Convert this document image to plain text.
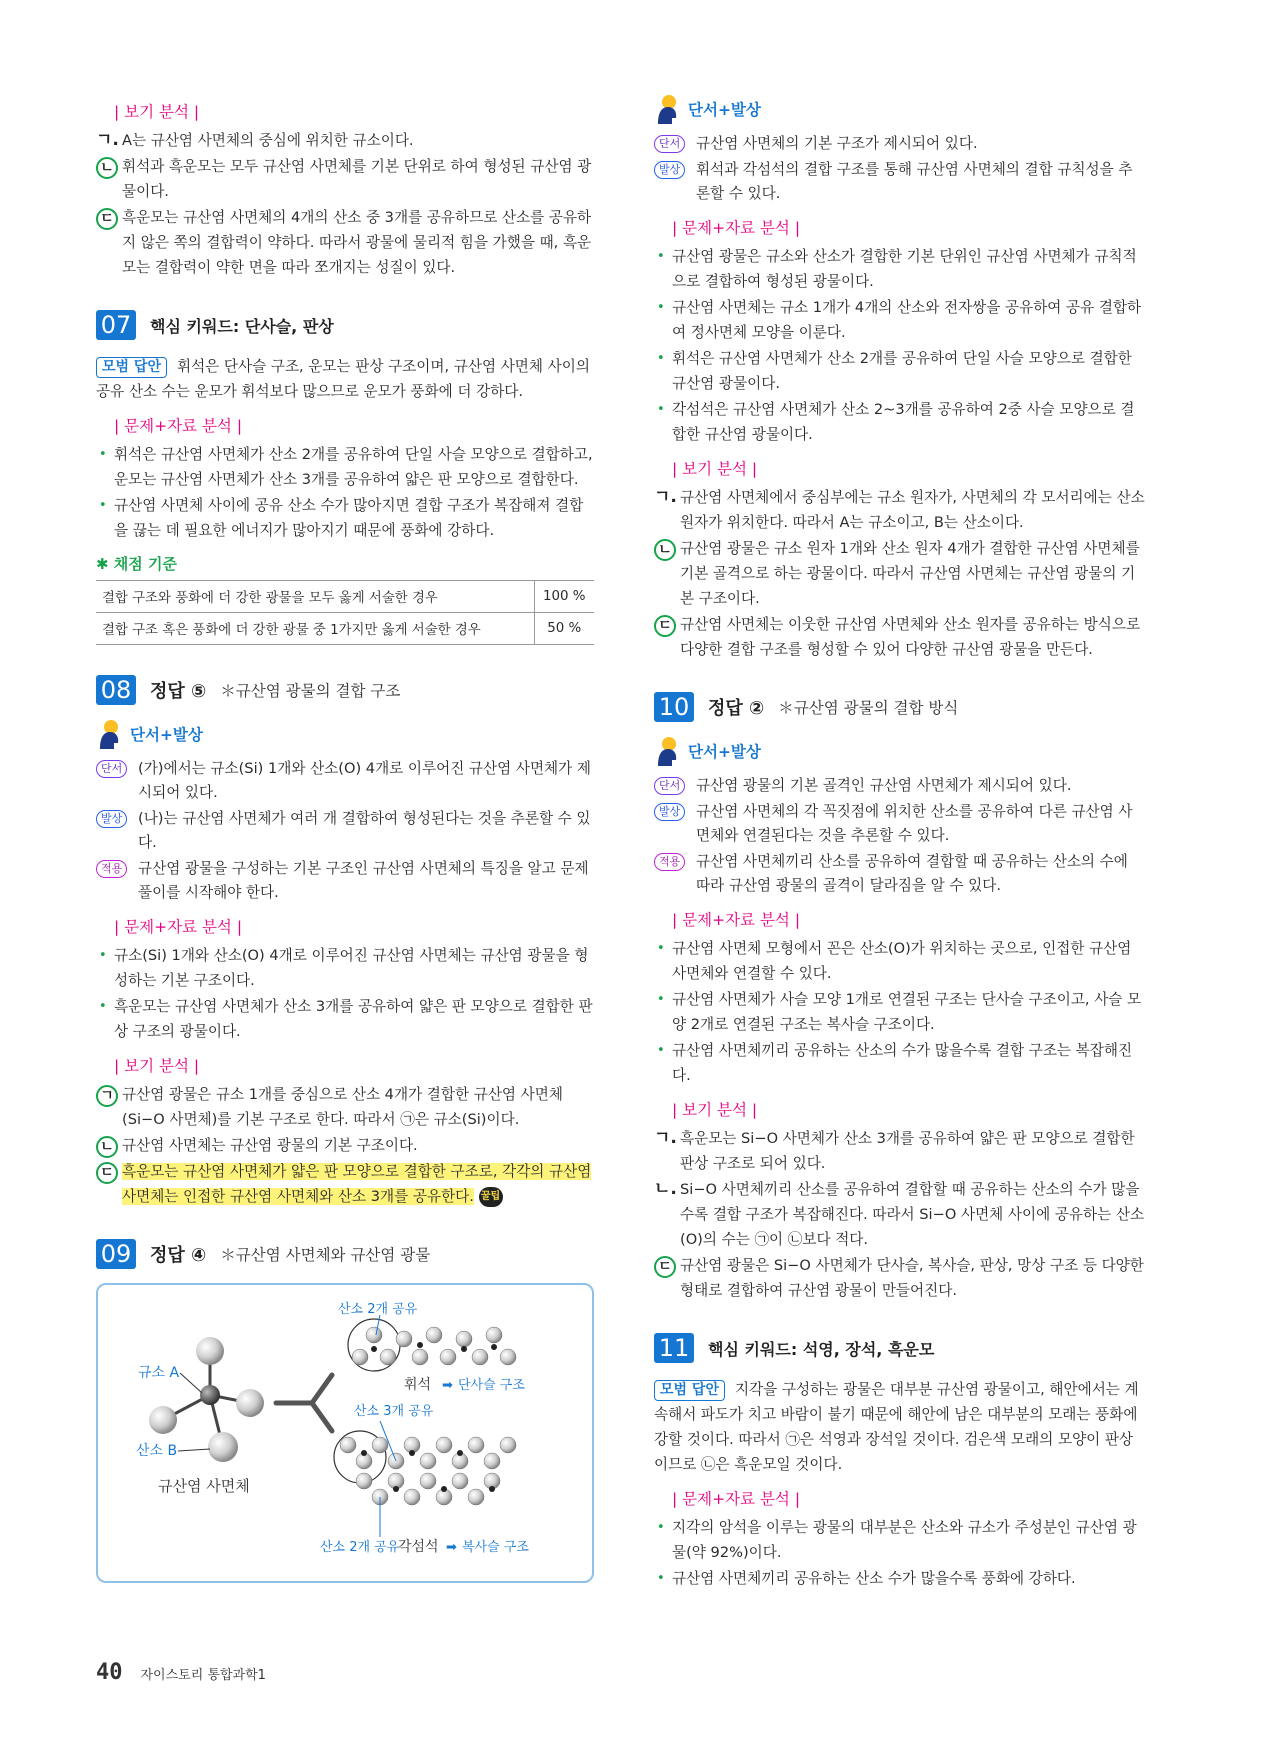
| 보기 분석 |
ㄱ. A는 규산염 사면체의 중심에 위치한 규소이다.
ㄴ 휘석과 흑운모는 모두 규산염 사면체를 기본 단위로 하여 형성된 규산염 광물이다.
ㄷ 흑운모는 규산염 사면체의 4개의 산소 중 3개를 공유하므로 산소를 공유하지 않은 쪽의 결합력이 약하다. 따라서 광물에 물리적 힘을 가했을 때, 흑운모는 결합력이 약한 면을 따라 쪼개지는 성질이 있다.
07 핵심 키워드: 단사슬, 판상
모범 답안 휘석은 단사슬 구조, 운모는 판상 구조이며, 규산염 사면체 사이의 공유 산소 수는 운모가 휘석보다 많으므로 운모가 풍화에 더 강하다.
| 문제+자료 분석 |
• 휘석은 규산염 사면체가 산소 2개를 공유하여 단일 사슬 모양으로 결합하고, 운모는 규산염 사면체가 산소 3개를 공유하여 얇은 판 모양으로 결합한다.
• 규산염 사면체 사이에 공유 산소 수가 많아지면 결합 구조가 복잡해져 결합을 끊는 데 필요한 에너지가 많아지기 때문에 풍화에 강하다.
✱ 채점 기준
결합 구조와 풍화에 더 강한 광물을 모두 옳게 서술한 경우	100 %
결합 구조 혹은 풍화에 더 강한 광물 중 1가지만 옳게 서술한 경우	50 %
08 정답 ⑤ ＊규산염 광물의 결합 구조
단서+발상
단서	(가)에서는 규소(Si) 1개와 산소(O) 4개로 이루어진 규산염 사면체가 제시되어 있다.
발상	(나)는 규산염 사면체가 여러 개 결합하여 형성된다는 것을 추론할 수 있다.
적용	규산염 광물을 구성하는 기본 구조인 규산염 사면체의 특징을 알고 문제 풀이를 시작해야 한다.
| 문제+자료 분석 |
• 규소(Si) 1개와 산소(O) 4개로 이루어진 규산염 사면체는 규산염 광물을 형성하는 기본 구조이다.
• 흑운모는 규산염 사면체가 산소 3개를 공유하여 얇은 판 모양으로 결합한 판상 구조의 광물이다.
| 보기 분석 |
ㄱ 규산염 광물은 규소 1개를 중심으로 산소 4개가 결합한 규산염 사면체(Si−O 사면체)를 기본 구조로 한다. 따라서 ㉠은 규소(Si)이다.
ㄴ 규산염 사면체는 규산염 광물의 기본 구조이다.
ㄷ 흑운모는 규산염 사면체가 얇은 판 모양으로 결합한 구조로, 각각의 규산염 사면체는 인접한 규산염 사면체와 산소 3개를 공유한다. 꿀팁
09 정답 ④ ＊규산염 사면체와 규산염 광물
규소 A
산소 B
규산염 사면체
산소 2개 공유
휘석 ➡ 단사슬 구조
산소 3개 공유
산소 2개 공유
각섬석 ➡ 복사슬 구조
단서+발상
단서	규산염 사면체의 기본 구조가 제시되어 있다.
발상	휘석과 각섬석의 결합 구조를 통해 규산염 사면체의 결합 규칙성을 추론할 수 있다.
| 문제+자료 분석 |
• 규산염 광물은 규소와 산소가 결합한 기본 단위인 규산염 사면체가 규칙적으로 결합하여 형성된 광물이다.
• 규산염 사면체는 규소 1개가 4개의 산소와 전자쌍을 공유하여 공유 결합하여 정사면체 모양을 이룬다.
• 휘석은 규산염 사면체가 산소 2개를 공유하여 단일 사슬 모양으로 결합한 규산염 광물이다.
• 각섬석은 규산염 사면체가 산소 2~3개를 공유하여 2중 사슬 모양으로 결합한 규산염 광물이다.
| 보기 분석 |
ㄱ. 규산염 사면체에서 중심부에는 규소 원자가, 사면체의 각 모서리에는 산소 원자가 위치한다. 따라서 A는 규소이고, B는 산소이다.
ㄴ 규산염 광물은 규소 원자 1개와 산소 원자 4개가 결합한 규산염 사면체를 기본 골격으로 하는 광물이다. 따라서 규산염 사면체는 규산염 광물의 기본 구조이다.
ㄷ 규산염 사면체는 이웃한 규산염 사면체와 산소 원자를 공유하는 방식으로 다양한 결합 구조를 형성할 수 있어 다양한 규산염 광물을 만든다.
10 정답 ② ＊규산염 광물의 결합 방식
단서+발상
단서	규산염 광물의 기본 골격인 규산염 사면체가 제시되어 있다.
발상	규산염 사면체의 각 꼭짓점에 위치한 산소를 공유하여 다른 규산염 사면체와 연결된다는 것을 추론할 수 있다.
적용	규산염 사면체끼리 산소를 공유하여 결합할 때 공유하는 산소의 수에 따라 규산염 광물의 골격이 달라짐을 알 수 있다.
| 문제+자료 분석 |
• 규산염 사면체 모형에서 꼰은 산소(O)가 위치하는 곳으로, 인접한 규산염 사면체와 연결할 수 있다.
• 규산염 사면체가 사슬 모양 1개로 연결된 구조는 단사슬 구조이고, 사슬 모양 2개로 연결된 구조는 복사슬 구조이다.
• 규산염 사면체끼리 공유하는 산소의 수가 많을수록 결합 구조는 복잡해진다.
| 보기 분석 |
ㄱ. 흑운모는 Si−O 사면체가 산소 3개를 공유하여 얇은 판 모양으로 결합한 판상 구조로 되어 있다.
ㄴ. Si−O 사면체끼리 산소를 공유하여 결합할 때 공유하는 산소의 수가 많을수록 결합 구조가 복잡해진다. 따라서 Si−O 사면체 사이에 공유하는 산소(O)의 수는 ㉠이 ㉡보다 적다.
ㄷ 규산염 광물은 Si−O 사면체가 단사슬, 복사슬, 판상, 망상 구조 등 다양한 형태로 결합하여 규산염 광물이 만들어진다.
11 핵심 키워드: 석영, 장석, 흑운모
모범 답안 지각을 구성하는 광물은 대부분 규산염 광물이고, 해안에서는 계속해서 파도가 치고 바람이 불기 때문에 해안에 남은 대부분의 모래는 풍화에 강할 것이다. 따라서 ㉠은 석영과 장석일 것이다. 검은색 모래의 모양이 판상이므로 ㉡은 흑운모일 것이다.
| 문제+자료 분석 |
• 지각의 암석을 이루는 광물의 대부분은 산소와 규소가 주성분인 규산염 광물(약 92%)이다.
• 규산염 사면체끼리 공유하는 산소 수가 많을수록 풍화에 강하다.
40 자이스토리 통합과학1
